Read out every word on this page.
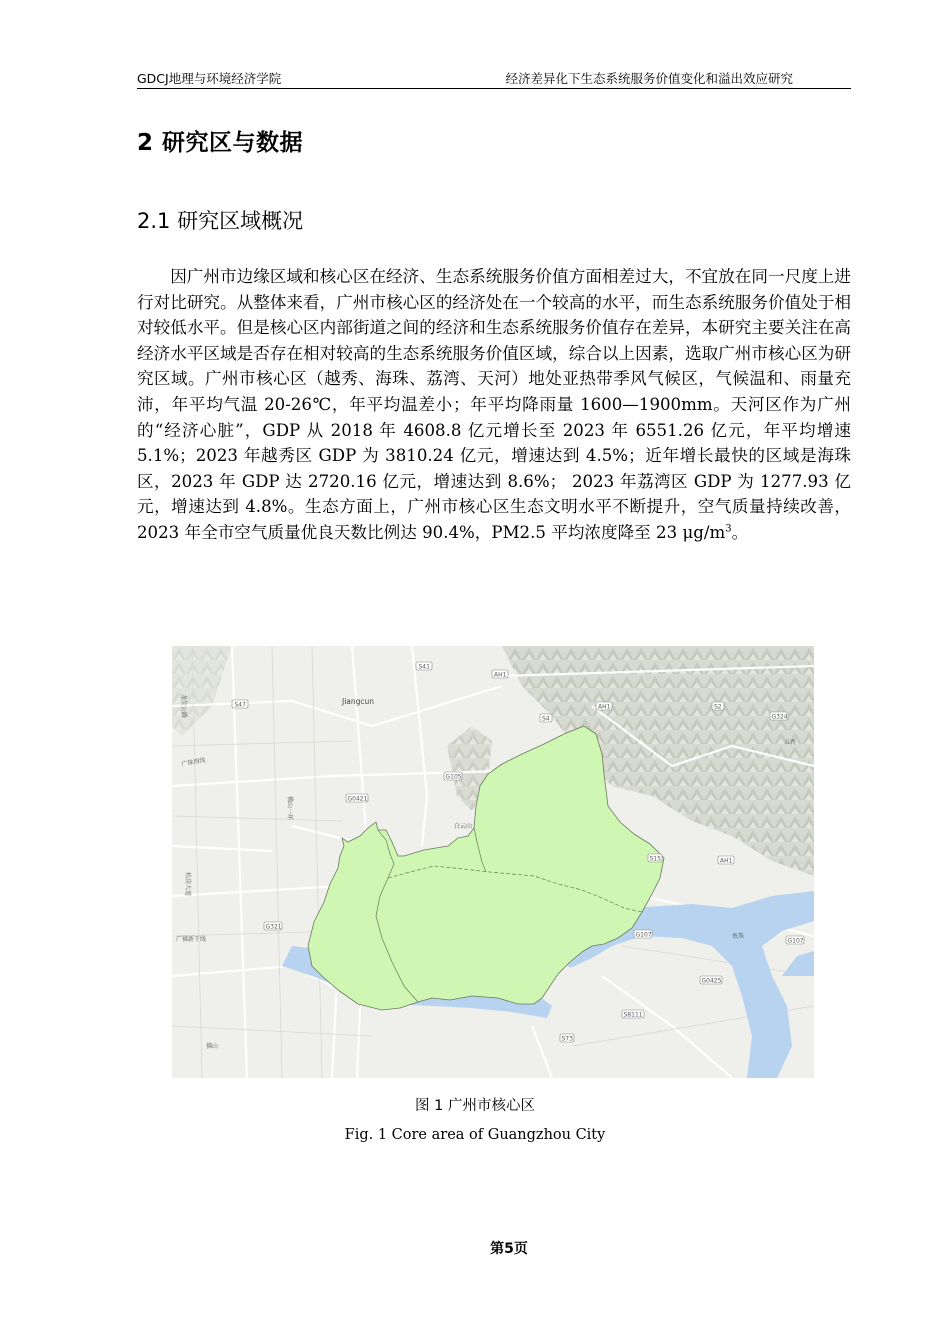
GDCJ地理与环境经济学院	经济差异化下生态系统服务价值变化和溢出效应研究
2 研究区与数据
2.1 研究区域概况

因广州市边缘区域和核心区在经济、生态系统服务价值方面相差过大，不宜放在同一尺度上进行对比研究。从整体来看，广州市核心区的经济处在一个较高的水平，而生态系统服务价值处于相对较低水平。但是核心区内部街道之间的经济和生态系统服务价值存在差异，本研究主要关注在高经济水平区域是否存在相对较高的生态系统服务价值区域，综合以上因素，选取广州市核心区为研究区域。广州市核心区（越秀、海珠、荔湾、天河）地处亚热带季风气候区，气候温和、雨量充沛，年平均气温 20-26℃，年平均温差小；年平均降雨量 1600—1900mm。天河区作为广州的“经济心脏”，GDP 从 2018 年 4608.8 亿元增长至 2023 年 6551.26 亿元，年平均增速 5.1%；2023 年越秀区 GDP 为 3810.24 亿元，增速达到 4.5%；近年增长最快的区域是海珠区，2023 年 GDP 达 2720.16 亿元，增速达到 8.6%； 2023 年荔湾区 GDP 为 1277.93 亿元，增速达到 4.8%。生态方面上，广州市核心区生态文明水平不断提升，空气质量持续改善，2023 年全市空气质量优良天数比例达 90.4%，PM2.5 平均浓度降至 23 $\mu g/m^3$。

S41
AH1
S47
S4
AH1	S2
G324
G105
G0421
S15	AH1
G321
G107
G107
G0425
S8111
S73
Jiangcun
白云山
佛山
广佛新干线
广珠西线
鱼珠
五香
佛山一环
松岗大道
龙生公路
图 1 广州市核心区
Fig. 1 Core area of Guangzhou City
第5页
